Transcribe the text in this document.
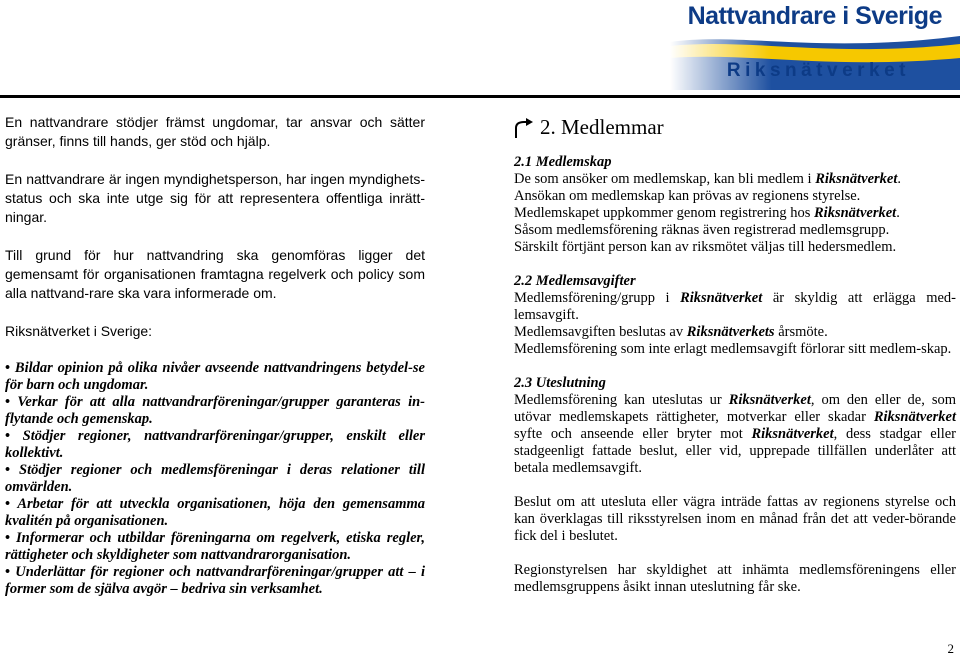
Nattvandrare i Sverige
Riksnätverket

En nattvandrare stödjer främst ungdomar, tar ansvar och sätter gränser, finns till hands, ger stöd och hjälp.

En nattvandrare är ingen myndighetsperson, har ingen myndighets-status och ska inte utge sig för att representera offentliga inrätt-ningar.

Till grund för hur nattvandring ska genomföras ligger det gemensamt för organisationen framtagna regelverk och policy som alla nattvand-rare ska vara informerade om.

Riksnätverket i Sverige:
• Bildar opinion på olika nivåer avseende nattvandringens betydel-se för barn och ungdomar.
• Verkar för att alla nattvandrarföreningar/grupper garanteras in-flytande och gemenskap.
• Stödjer regioner, nattvandrarföreningar/grupper, enskilt eller kollektivt.
• Stödjer regioner och medlemsföreningar i deras relationer till omvärlden.
• Arbetar för att utveckla organisationen, höja den gemensamma kvalitén på organisationen.
• Informerar och utbildar föreningarna om regelverk, etiska regler, rättigheter och skyldigheter som nattvandrarorganisation.
• Underlättar för regioner och nattvandrarföreningar/grupper att – i former som de själva avgör – bedriva sin verksamhet.
2. Medlemmar
2.1 Medlemskap

De som ansöker om medlemskap, kan bli medlem i Riksnätverket.

Ansökan om medlemskap kan prövas av regionens styrelse.

Medlemskapet uppkommer genom registrering hos Riksnätverket.

Såsom medlemsförening räknas även registrerad medlemsgrupp.

Särskilt förtjänt person kan av riksmötet väljas till hedersmedlem.

2.2 Medlemsavgifter

Medlemsförening/grupp i Riksnätverket är skyldig att erlägga med-lemsavgift.

Medlemsavgiften beslutas av Riksnätverkets årsmöte.

Medlemsförening som inte erlagt medlemsavgift förlorar sitt medlem-skap.

2.3 Uteslutning

Medlemsförening kan uteslutas ur Riksnätverket, om den eller de, som utövar medlemskapets rättigheter, motverkar eller skadar Riksnätverket syfte och anseende eller bryter mot Riksnätverket, dess stadgar eller stadgeenligt fattade beslut, eller vid, upprepade tillfällen underlåter att betala medlemsavgift.

Beslut om att utesluta eller vägra inträde fattas av regionens styrelse och kan överklagas till riksstyrelsen inom en månad från det att veder-börande fick del i beslutet.

Regionstyrelsen har skyldighet att inhämta medlemsföreningens eller medlemsgruppens åsikt innan uteslutning får ske.

2
